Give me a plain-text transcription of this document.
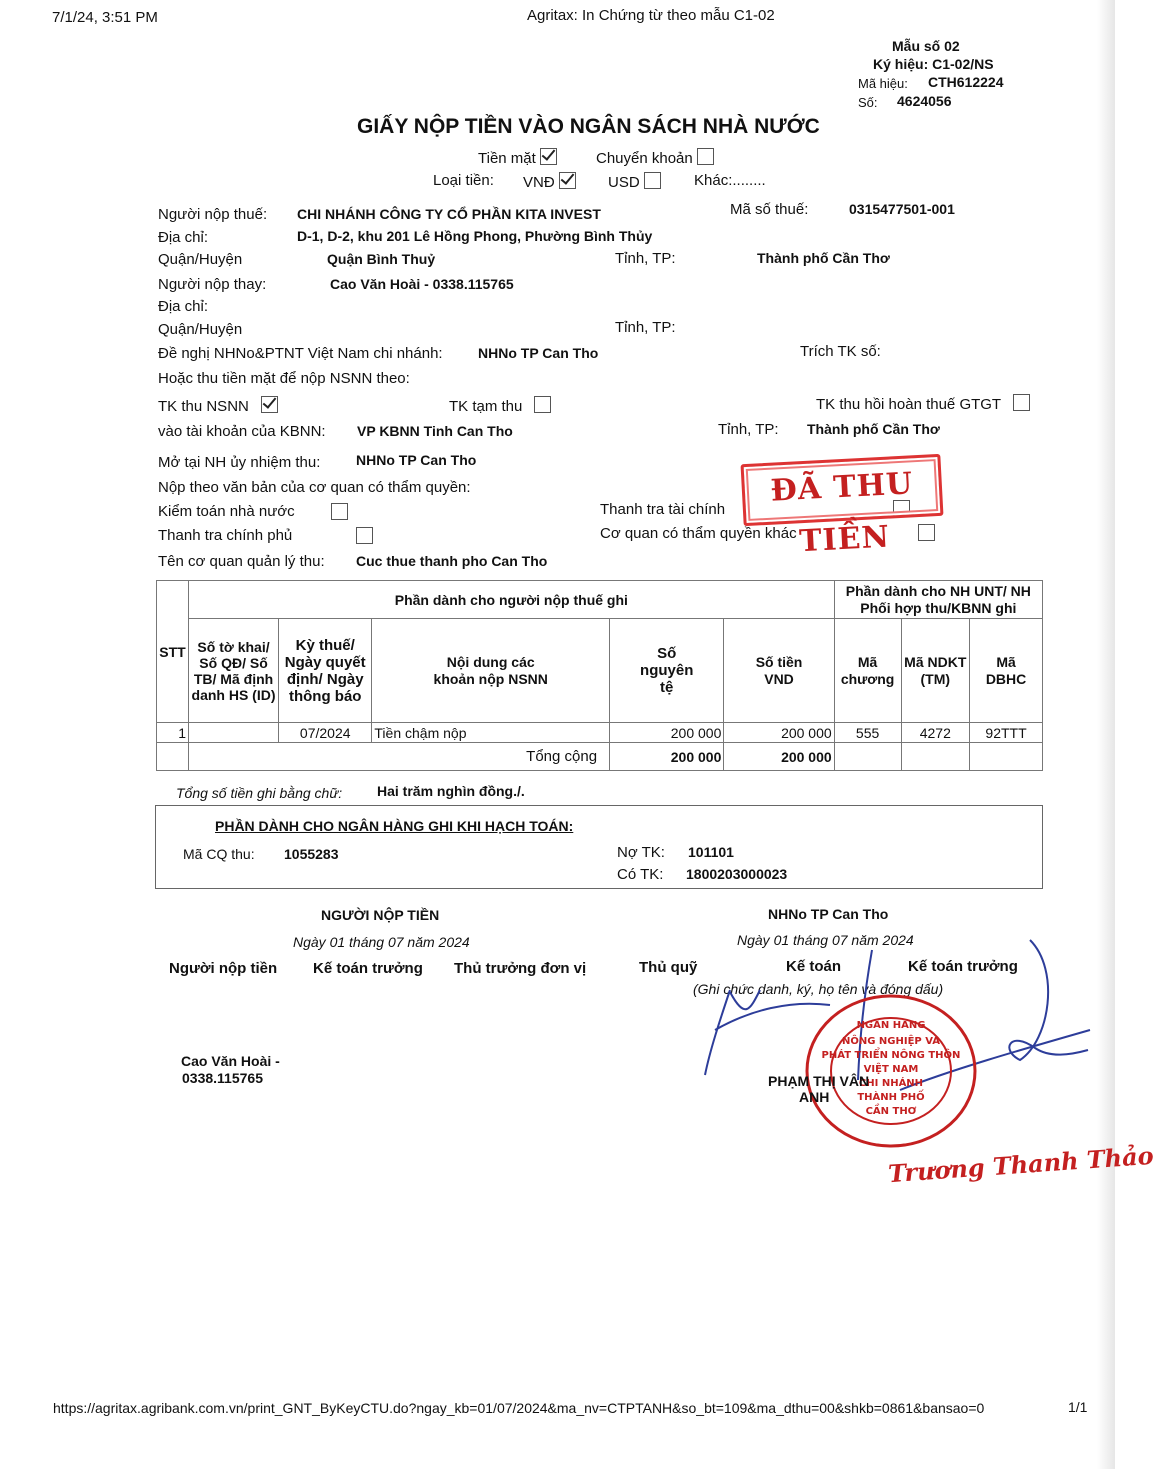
7/1/24, 3:51 PM	Agritax: In Chứng từ theo mẫu C1-02
Mẫu số 02
Ký hiệu: C1-02/NS
Mã hiệu: CTH612224
Số: 4624056
GIẤY NỘP TIỀN VÀO NGÂN SÁCH NHÀ NƯỚC
Tiền mặt	Chuyển khoản
Loại tiền: VNĐ	USD	Khác:........
Người nộp thuế: CHI NHÁNH CÔNG TY CỔ PHẦN KITA INVEST	Mã số thuế:	0315477501-001
Địa chỉ:	D-1, D-2, khu 201 Lê Hồng Phong, Phường Bình Thủy
Quận/Huyện	Quận Bình Thuỷ	Tỉnh, TP:	Thành phố Cần Thơ
Người nộp thay:	Cao Văn Hoài - 0338.115765
Địa chỉ:
Quận/Huyện	Tỉnh, TP:
Đề nghị NHNo&PTNT Việt Nam chi nhánh:	NHNo TP Can Tho	Trích TK số:
Hoặc thu tiền mặt để nộp NSNN theo:
TK thu NSNN	TK tạm thu	TK thu hồi hoàn thuế GTGT
vào tài khoản của KBNN: VP KBNN Tinh Can Tho	Tỉnh, TP: Thành phố Cần Thơ
Mở tại NH ủy nhiệm thu:	NHNo TP Can Tho
Nộp theo văn bản của cơ quan có thẩm quyền:
Kiểm toán nhà nước

Thanh tra chính phủ

Thanh tra tài chính

Cơ quan có thẩm quyền khác
ĐÃ THU TIỀN
Tên cơ quan quản lý thu: Cuc thue thanh pho Can Tho
STT	Phần dành cho người nộp thuế ghi					Phần dành cho NH UNT/ NH Phối hợp thu/KBNN ghi		
	Số tờ khai/ Số QĐ/ Số TB/ Mã định danh HS (ID)	Kỳ thuế/ Ngày quyết định/ Ngày thông báo	Nội dung các khoản nộp NSNN	Số nguyên tệ	Số tiền VND	Mã chương	Mã NDKT (TM)	Mã DBHC
1		07/2024	Tiền chậm nộp	200 000	200 000	555	4272	92TTT
	Tổng cộng			200 000	200 000			
Tổng số tiền ghi bằng chữ: Hai trăm nghìn đồng./.
PHẦN DÀNH CHO NGÂN HÀNG GHI KHI HẠCH TOÁN:
Mã CQ thu: 1055283	Nợ TK: 101101
Có TK: 1800203000023
NGƯỜI NỘP TIỀN
Ngày 01 tháng 07 năm 2024
Người nộp tiền Kế toán trưởng Thủ trưởng đơn vị
NHNo TP Can Tho
Ngày 01 tháng 07 năm 2024
Thủ quỹ	Kế toán	Kế toán trưởng
(Ghi chức danh, ký, họ tên và đóng dấu)
Cao Văn Hoài -
0338.115765
NGÂN HÀNG
NÔNG NGHIỆP VÀ
PHÁT TRIỂN NÔNG THÔN
VIỆT NAM
CHI NHÁNH
THÀNH PHỐ
CẦN THƠ
PHẠM THỊ VÂN
ANH
Trương Thanh Thảo
https://agritax.agribank.com.vn/print_GNT_ByKeyCTU.do?ngay_kb=01/07/2024&ma_nv=CTPTANH&so_bt=109&ma_dthu=00&shkb=0861&bansao=0	1/1
